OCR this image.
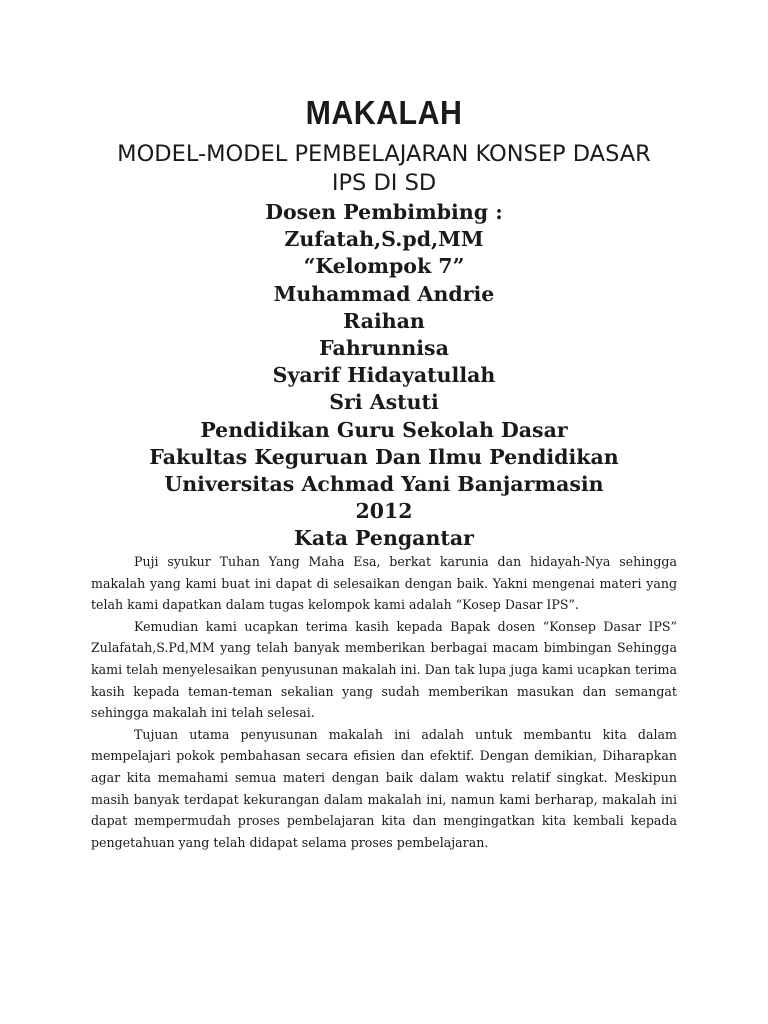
MAKALAH
MODEL-MODEL PEMBELAJARAN KONSEP DASAR
IPS DI SD
Dosen Pembimbing :
Zufatah,S.pd,MM
“Kelompok 7”
Muhammad Andrie
Raihan
Fahrunnisa
Syarif Hidayatullah
Sri Astuti
Pendidikan Guru Sekolah Dasar
Fakultas Keguruan Dan Ilmu Pendidikan
Universitas Achmad Yani Banjarmasin
2012
Kata Pengantar

Puji syukur Tuhan Yang Maha Esa, berkat karunia dan hidayah-Nya sehingga makalah yang kami buat ini dapat di selesaikan dengan baik. Yakni mengenai materi yang telah kami dapatkan dalam tugas kelompok kami adalah “Kosep Dasar IPS”.

Kemudian kami ucapkan terima kasih kepada Bapak dosen “Konsep Dasar IPS” Zulafatah,S.Pd,MM yang telah banyak memberikan berbagai macam bimbingan Sehingga kami telah menyelesaikan penyusunan makalah ini. Dan tak lupa juga kami ucapkan terima kasih kepada teman-teman sekalian yang sudah memberikan masukan dan semangat sehingga makalah ini telah selesai.

Tujuan utama penyusunan makalah ini adalah untuk membantu kita dalam mempelajari pokok pembahasan secara efisien dan efektif. Dengan demikian, Diharapkan agar kita memahami semua materi dengan baik dalam waktu relatif singkat. Meskipun masih banyak terdapat kekurangan dalam makalah ini, namun kami berharap, makalah ini dapat mempermudah proses pembelajaran kita dan mengingatkan kita kembali kepada pengetahuan yang telah didapat selama proses pembelajaran.
